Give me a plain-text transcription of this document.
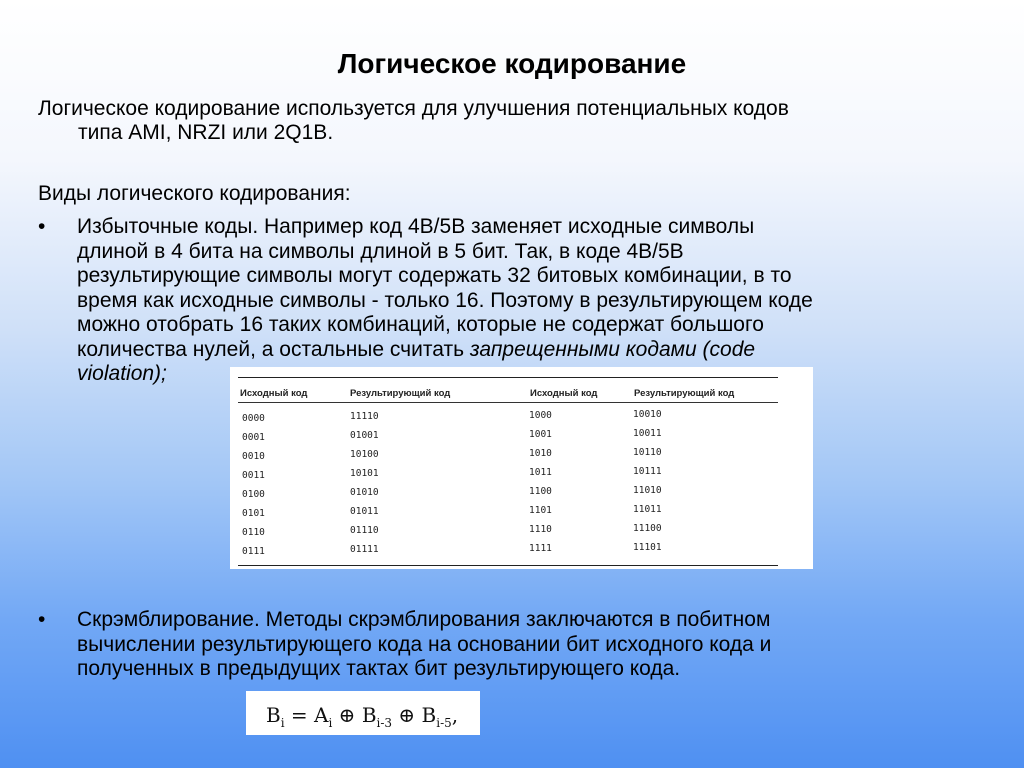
Логическое кодирование
Логическое кодирование используется для улучшения потенциальных кодов
типа AMI, NRZI или 2Q1B.
Виды логического кодирования:
• Избыточные коды. Например код 4В/5В заменяет исходные символы
длиной в 4 бита на символы длиной в 5 бит. Так, в коде 4В/5В
результирующие символы могут содержать 32 битовых комбинации, в то
время как исходные символы - только 16. Поэтому в результирующем коде
можно отобрать 16 таких комбинаций, которые не содержат большого
количества нулей, а остальные считать запрещенными кодами (code
violation);
Исходный код	Результирующий код	Исходный код	Результирующий код
0000	11110	1000	10010
0001	01001	1001	10011
0010	10100	1010	10110
0011	10101	1011	10111
0100	01010	1100	11010
0101	01011	1101	11011
0110	01110	1110	11100
0111	01111	1111	11101
• Скрэмблирование. Методы скрэмблирования заключаются в побитном
вычислении результирующего кода на основании бит исходного кода и
полученных в предыдущих тактах бит результирующего кода.
$B_i = A_i$ ⊕ $B_{i-3}$ ⊕ $B_{i-5}$,
